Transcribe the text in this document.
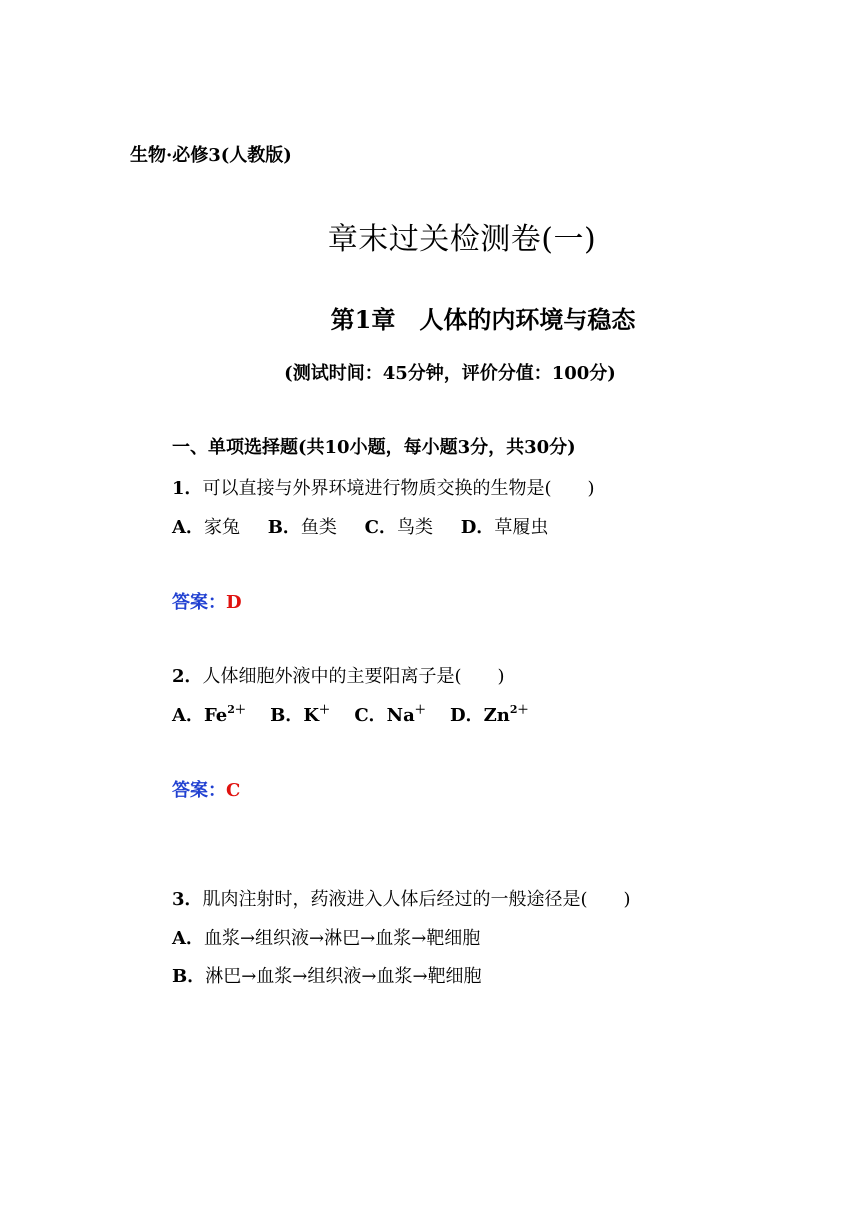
生物·必修3(人教版)
章末过关检测卷(一)
第1章　人体的内环境与稳态
(测试时间：45分钟，评价分值：100分)
一、单项选择题(共10小题，每小题3分，共30分)
1．可以直接与外界环境进行物质交换的生物是(　　)
A．家兔 B．鱼类 C．鸟类 D．草履虫
答案：D
2．人体细胞外液中的主要阳离子是(　　)
A．$Fe^{2+}$ B．K＋ C．Na＋ D．$Zn^{2+}$
答案：C
3．肌肉注射时，药液进入人体后经过的一般途径是(　　)
A．血浆→组织液→淋巴→血浆→靶细胞
B．淋巴→血浆→组织液→血浆→靶细胞
